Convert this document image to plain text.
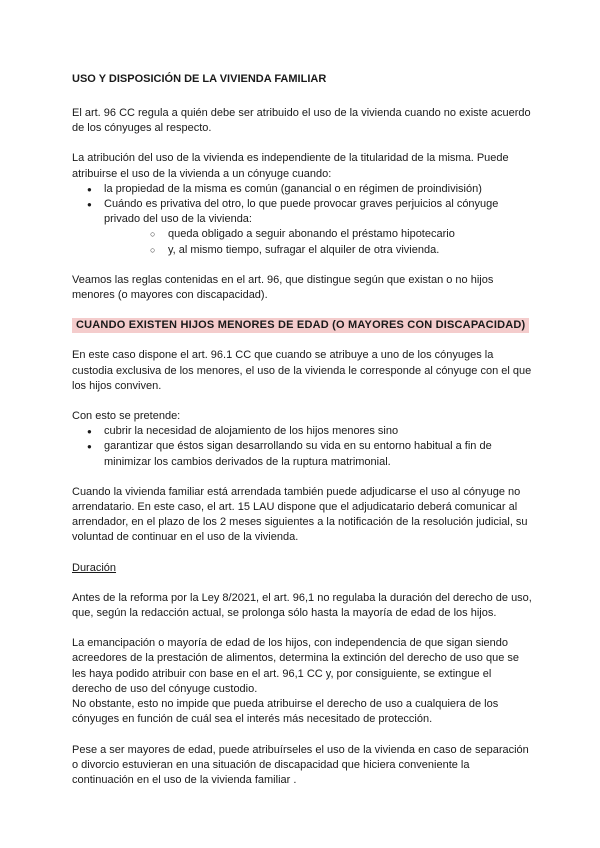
USO Y DISPOSICIÓN DE LA VIVIENDA FAMILIAR

El art. 96 CC regula a quién debe ser atribuido el uso de la vivienda cuando no existe acuerdo de los cónyuges al respecto.

La atribución del uso de la vivienda es independiente de la titularidad de la misma. Puede atribuirse el uso de la vivienda a un cónyuge cuando:

● la propiedad de la misma es común (ganancial o en régimen de proindivisión)
● Cuándo es privativa del otro, lo que puede provocar graves perjuicios al cónyuge privado del uso de la vivienda:
○ queda obligado a seguir abonando el préstamo hipotecario
○ y, al mismo tiempo, sufragar el alquiler de otra vivienda.

Veamos las reglas contenidas en el art. 96, que distingue según que existan o no hijos menores (o mayores con discapacidad).

CUANDO EXISTEN HIJOS MENORES DE EDAD (O MAYORES CON DISCAPACIDAD)

En este caso dispone el art. 96.1 CC que cuando se atribuye a uno de los cónyuges la custodia exclusiva de los menores, el uso de la vivienda le corresponde al cónyuge con el que los hijos conviven.

Con esto se pretende:

● cubrir la necesidad de alojamiento de los hijos menores sino
● garantizar que éstos sigan desarrollando su vida en su entorno habitual a fin de minimizar los cambios derivados de la ruptura matrimonial.

Cuando la vivienda familiar está arrendada también puede adjudicarse el uso al cónyuge no arrendatario. En este caso, el art. 15 LAU dispone que el adjudicatario deberá comunicar al arrendador, en el plazo de los 2 meses siguientes a la notificación de la resolución judicial, su voluntad de continuar en el uso de la vivienda.

Duración

Antes de la reforma por la Ley 8/2021, el art. 96,1 no regulaba la duración del derecho de uso, que, según la redacción actual, se prolonga sólo hasta la mayoría de edad de los hijos.

La emancipación o mayoría de edad de los hijos, con independencia de que sigan siendo acreedores de la prestación de alimentos, determina la extinción del derecho de uso que se les haya podido atribuir con base en el art. 96,1 CC y, por consiguiente, se extingue el derecho de uso del cónyuge custodio.

No obstante, esto no impide que pueda atribuirse el derecho de uso a cualquiera de los cónyuges en función de cuál sea el interés más necesitado de protección.

Pese a ser mayores de edad, puede atribuírseles el uso de la vivienda en caso de separación o divorcio estuvieran en una situación de discapacidad que hiciera conveniente la continuación en el uso de la vivienda familiar .
